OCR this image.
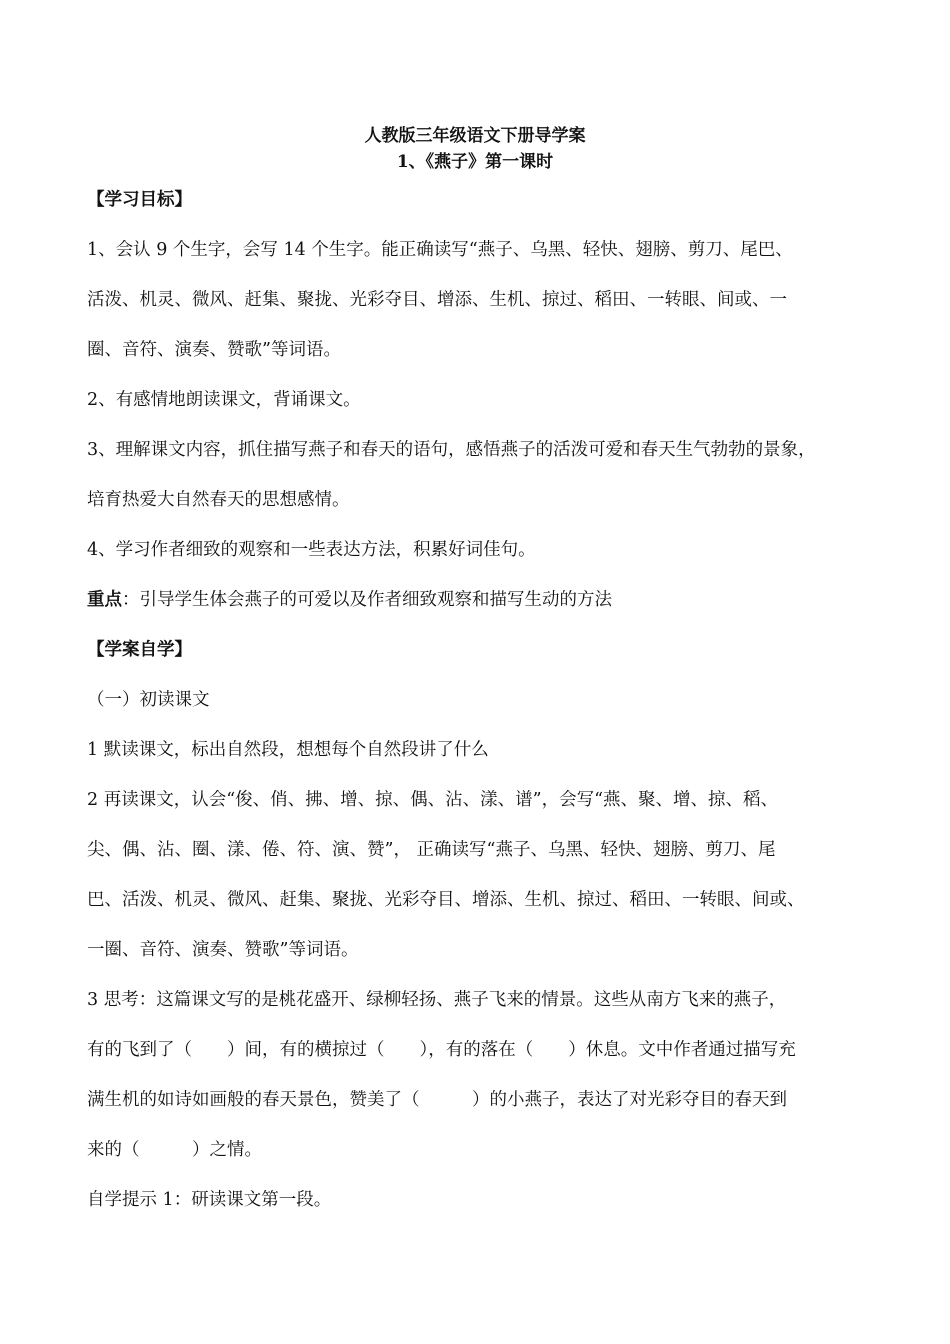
人教版三年级语文下册导学案
1、《燕子》第一课时
【学习目标】
1、会认 9 个生字，会写 14 个生字。能正确读写“燕子、乌黑、轻快、翅膀、剪刀、尾巴、
活泼、机灵、微风、赶集、聚拢、光彩夺目、增添、生机、掠过、稻田、一转眼、间或、一
圈、音符、演奏、赞歌”等词语。
2、有感情地朗读课文，背诵课文。
3、理解课文内容，抓住描写燕子和春天的语句，感悟燕子的活泼可爱和春天生气勃勃的景象，
培育热爱大自然春天的思想感情。
4、学习作者细致的观察和一些表达方法，积累好词佳句。
重点：引导学生体会燕子的可爱以及作者细致观察和描写生动的方法
【学案自学】
（一）初读课文
1 默读课文，标出自然段，想想每个自然段讲了什么
2 再读课文，认会“俊、俏、拂、增、掠、偶、沾、漾、谱”，会写“燕、聚、增、掠、稻、
尖、偶、沾、圈、漾、倦、符、演、赞”， 正确读写“燕子、乌黑、轻快、翅膀、剪刀、尾
巴、活泼、机灵、微风、赶集、聚拢、光彩夺目、增添、生机、掠过、稻田、一转眼、间或、
一圈、音符、演奏、赞歌”等词语。
3 思考：这篇课文写的是桃花盛开、绿柳轻扬、燕子飞来的情景。这些从南方飞来的燕子，
有的飞到了（　　）间，有的横掠过（　　），有的落在（　　）休息。文中作者通过描写充
满生机的如诗如画般的春天景色，赞美了（　　　）的小燕子，表达了对光彩夺目的春天到
来的（　　　）之情。
自学提示 1：研读课文第一段。
